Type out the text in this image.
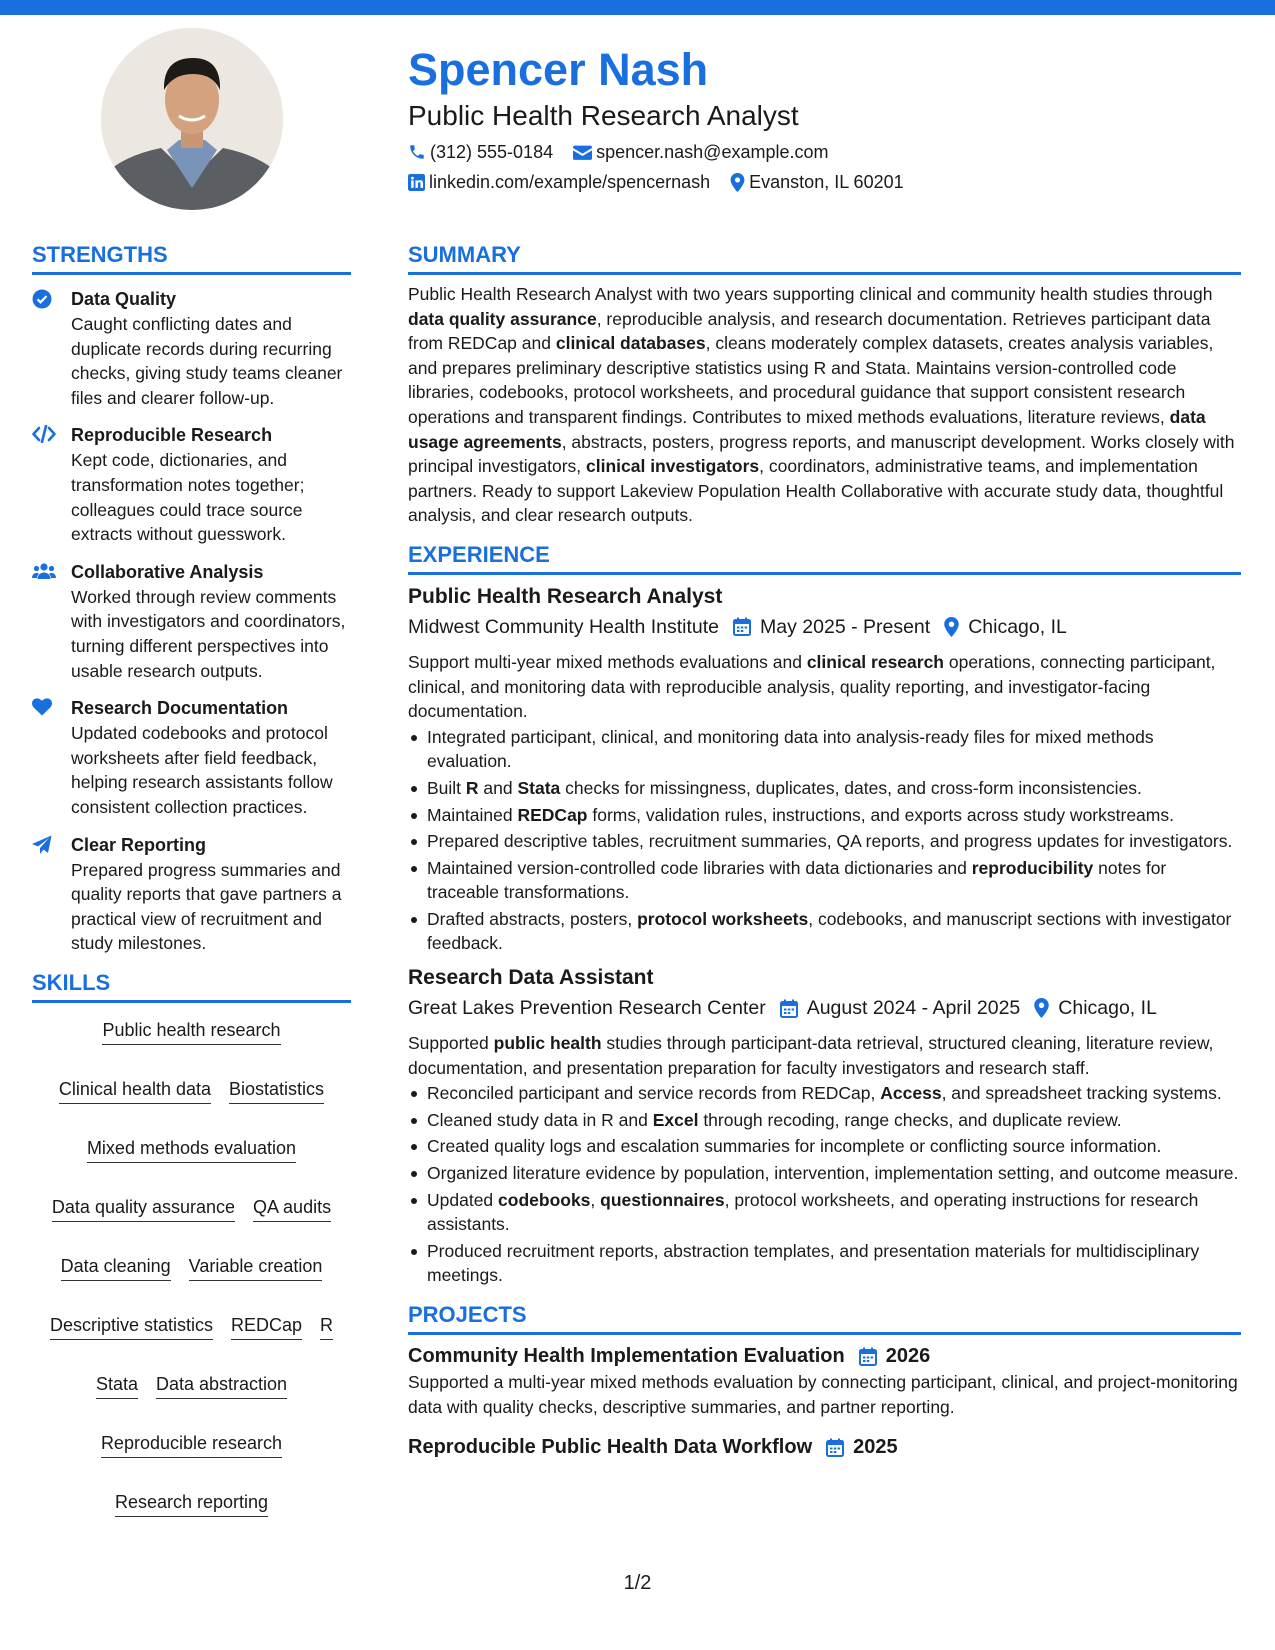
Spencer Nash
Public Health Research Analyst
(312) 555-0184 spencer.nash@example.com
linkedin.com/example/spencernash Evanston, IL 60201
STRENGTHS
Data Quality
Caught conflicting dates and duplicate records during recurring checks, giving study teams cleaner files and clearer follow-up.
Reproducible Research
Kept code, dictionaries, and transformation notes together; colleagues could trace source extracts without guesswork.
Collaborative Analysis
Worked through review comments with investigators and coordinators, turning different perspectives into usable research outputs.
Research Documentation
Updated codebooks and protocol worksheets after field feedback, helping research assistants follow consistent collection practices.
Clear Reporting
Prepared progress summaries and quality reports that gave partners a practical view of recruitment and study milestones.
SKILLS
Public health research
Clinical health data Biostatistics
Mixed methods evaluation
Data quality assurance QA audits
Data cleaning Variable creation
Descriptive statistics REDCap R
Stata Data abstraction
Reproducible research
Research reporting
SUMMARY
Public Health Research Analyst with two years supporting clinical and community health studies through data quality assurance, reproducible analysis, and research documentation. Retrieves participant data from REDCap and clinical databases, cleans moderately complex datasets, creates analysis variables, and prepares preliminary descriptive statistics using R and Stata. Maintains version-controlled code libraries, codebooks, protocol worksheets, and procedural guidance that support consistent research operations and transparent findings. Contributes to mixed methods evaluations, literature reviews, data usage agreements, abstracts, posters, progress reports, and manuscript development. Works closely with principal investigators, clinical investigators, coordinators, administrative teams, and implementation partners. Ready to support Lakeview Population Health Collaborative with accurate study data, thoughtful analysis, and clear research outputs.
EXPERIENCE
Public Health Research Analyst
Midwest Community Health Institute May 2025 - Present Chicago, IL
Support multi-year mixed methods evaluations and clinical research operations, connecting participant, clinical, and monitoring data with reproducible analysis, quality reporting, and investigator-facing documentation.
Integrated participant, clinical, and monitoring data into analysis-ready files for mixed methods evaluation.
Built R and Stata checks for missingness, duplicates, dates, and cross-form inconsistencies.
Maintained REDCap forms, validation rules, instructions, and exports across study workstreams.
Prepared descriptive tables, recruitment summaries, QA reports, and progress updates for investigators.
Maintained version-controlled code libraries with data dictionaries and reproducibility notes for traceable transformations.
Drafted abstracts, posters, protocol worksheets, codebooks, and manuscript sections with investigator feedback.
Research Data Assistant
Great Lakes Prevention Research Center August 2024 - April 2025 Chicago, IL
Supported public health studies through participant-data retrieval, structured cleaning, literature review, documentation, and presentation preparation for faculty investigators and research staff.
Reconciled participant and service records from REDCap, Access, and spreadsheet tracking systems.
Cleaned study data in R and Excel through recoding, range checks, and duplicate review.
Created quality logs and escalation summaries for incomplete or conflicting source information.
Organized literature evidence by population, intervention, implementation setting, and outcome measure.
Updated codebooks, questionnaires, protocol worksheets, and operating instructions for research assistants.
Produced recruitment reports, abstraction templates, and presentation materials for multidisciplinary meetings.
PROJECTS
Community Health Implementation Evaluation 2026
Supported a multi-year mixed methods evaluation by connecting participant, clinical, and project-monitoring data with quality checks, descriptive summaries, and partner reporting.
Reproducible Public Health Data Workflow 2025
1/2
